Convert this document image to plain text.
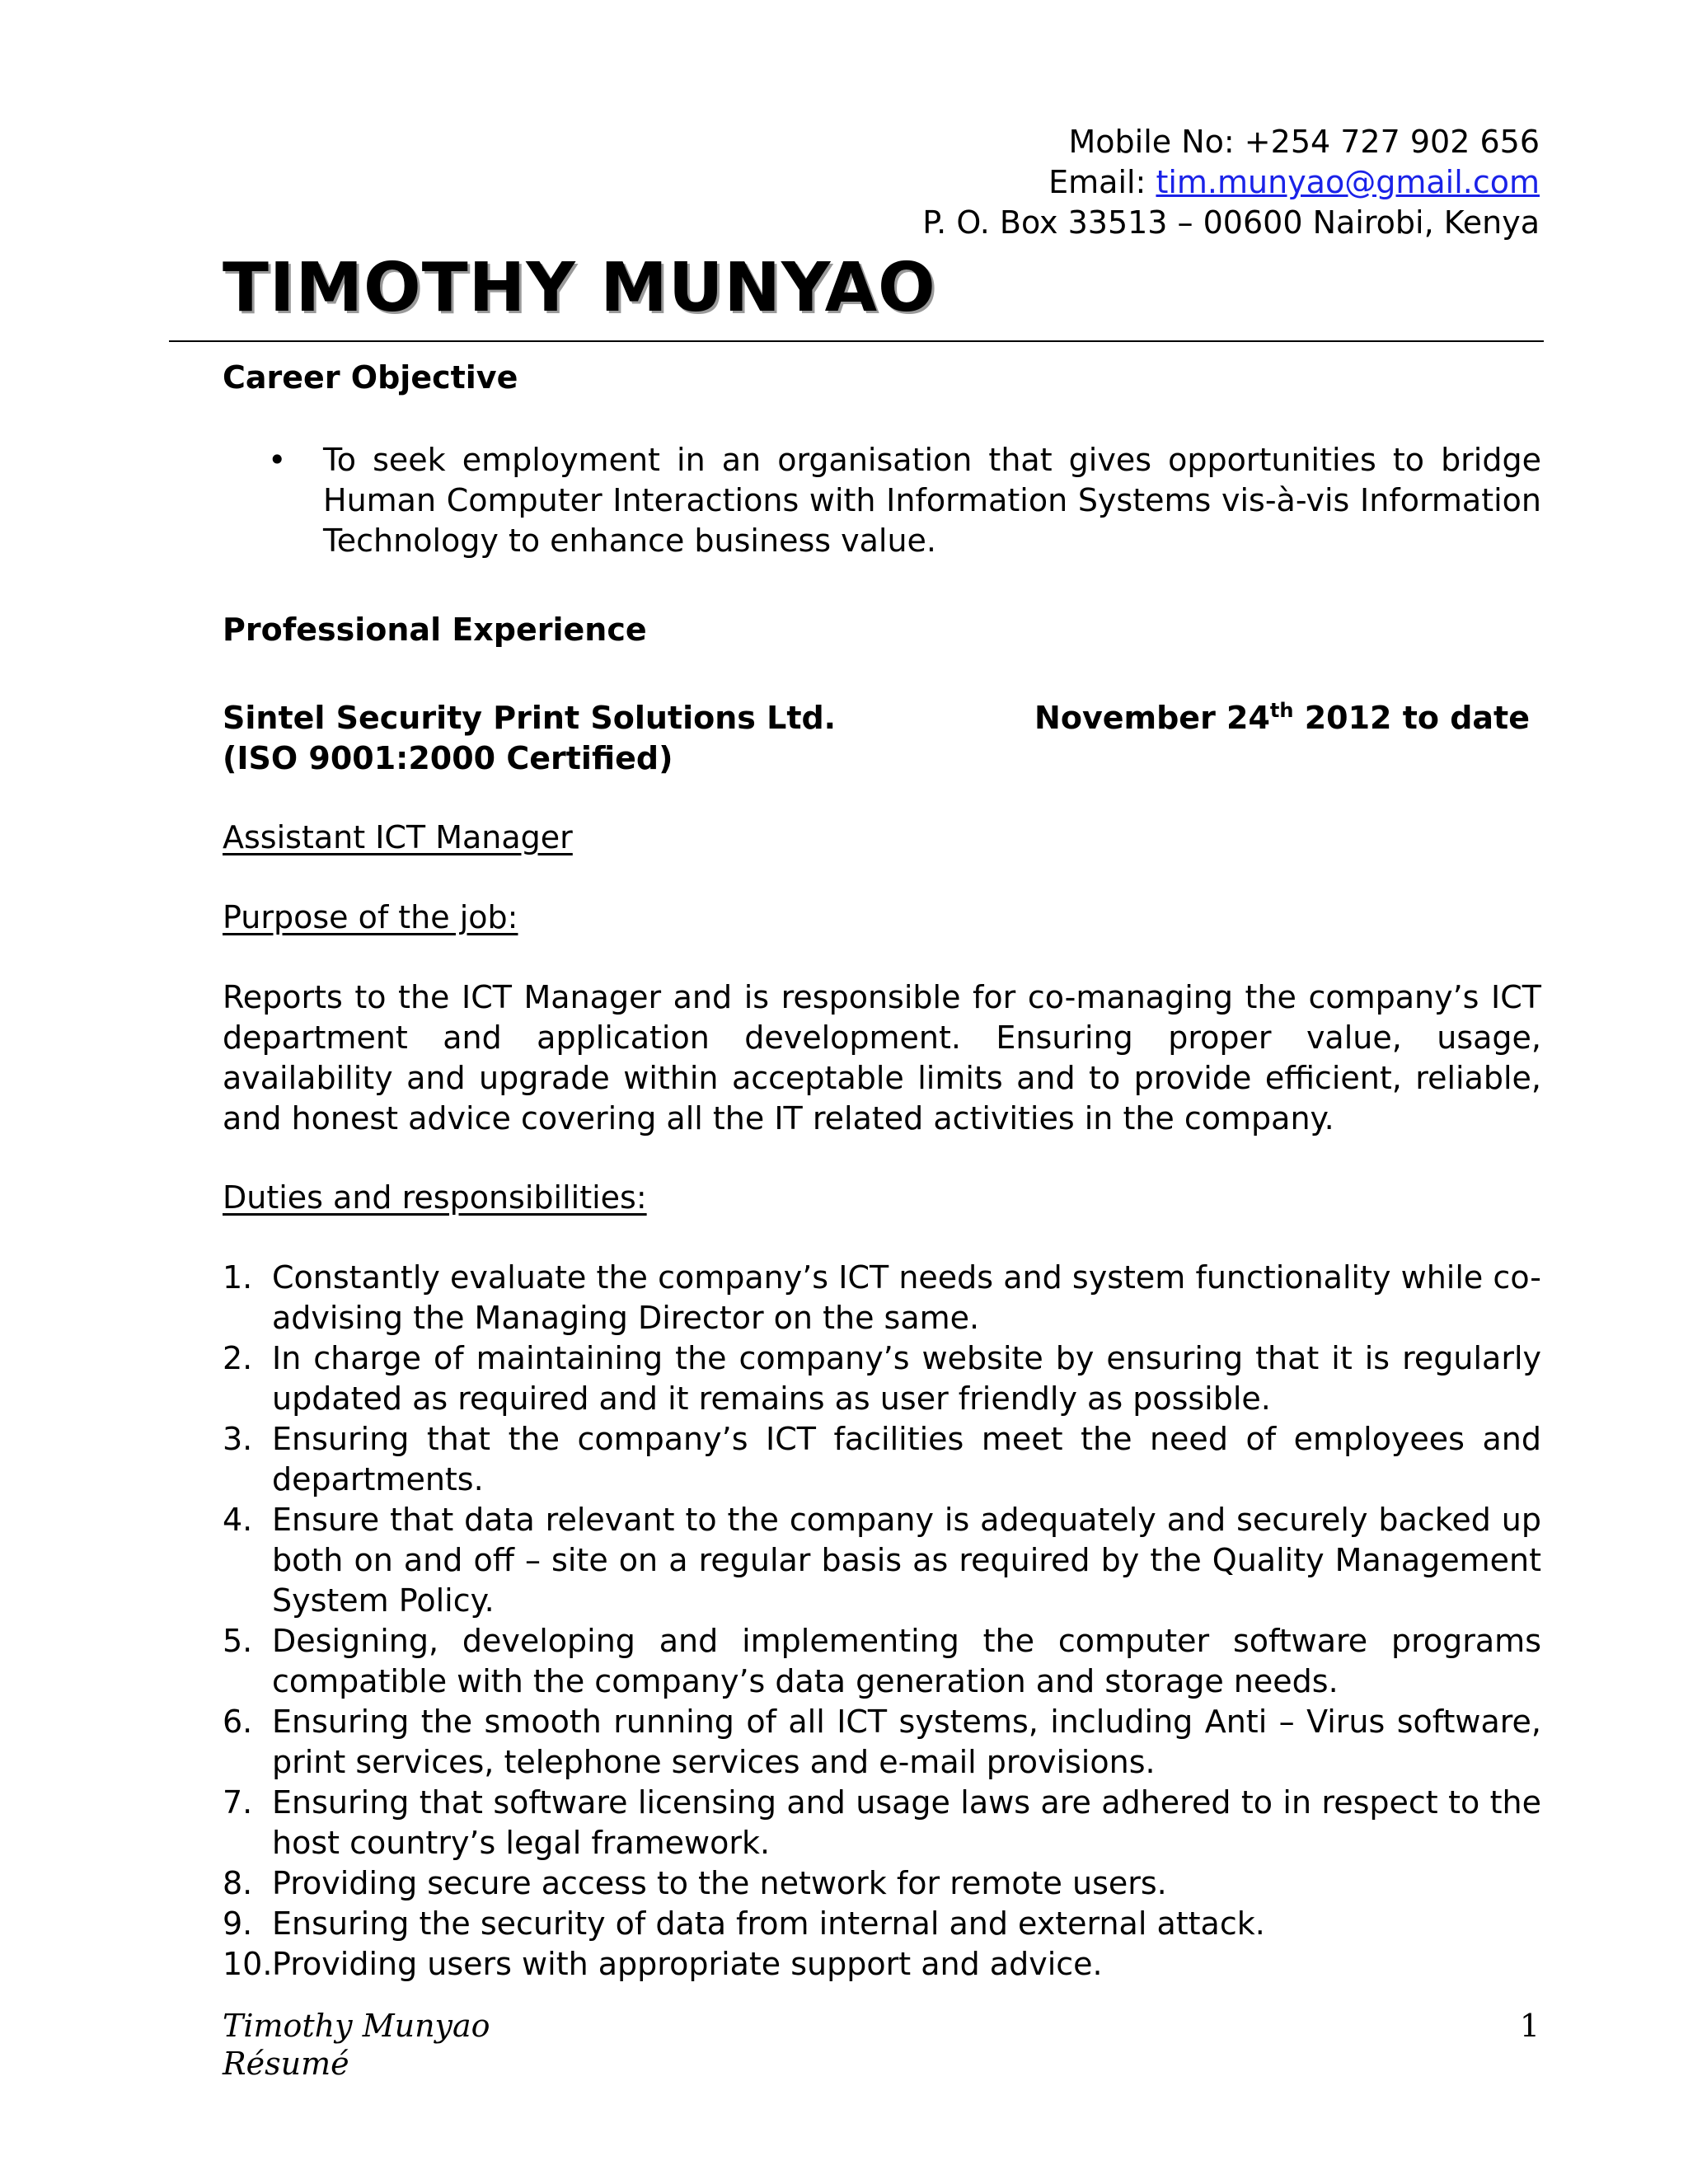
Mobile No: +254 727 902 656
Email: tim.munyao@gmail.com
P. O. Box 33513 – 00600 Nairobi, Kenya
TIMOTHY MUNYAO
Career Objective
• To seek employment in an organisation that gives opportunities to bridge Human Computer Interactions with Information Systems vis-à-vis Information Technology to enhance business value.
Professional Experience
Sintel Security Print Solutions Ltd.
(ISO 9001:2000 Certified)
November 24th 2012 to date
Assistant ICT Manager
Purpose of the job:
Reports to the ICT Manager and is responsible for co-managing the company’s ICT department and application development. Ensuring proper value, usage, availability and upgrade within acceptable limits and to provide efficient, reliable, and honest advice covering all the IT related activities in the company.
Duties and responsibilities:
1. Constantly evaluate the company’s ICT needs and system functionality while co-advising the Managing Director on the same.
2. In charge of maintaining the company’s website by ensuring that it is regularly updated as required and it remains as user friendly as possible.
3. Ensuring that the company’s ICT facilities meet the need of employees and departments.
4. Ensure that data relevant to the company is adequately and securely backed up both on and off – site on a regular basis as required by the Quality Management System Policy.
5. Designing, developing and implementing the computer software programs compatible with the company’s data generation and storage needs.
6. Ensuring the smooth running of all ICT systems, including Anti – Virus software, print services, telephone services and e-mail provisions.
7. Ensuring that software licensing and usage laws are adhered to in respect to the host country’s legal framework.
8. Providing secure access to the network for remote users.
9. Ensuring the security of data from internal and external attack.
10. Providing users with appropriate support and advice.
Timothy Munyao
Résumé
1
